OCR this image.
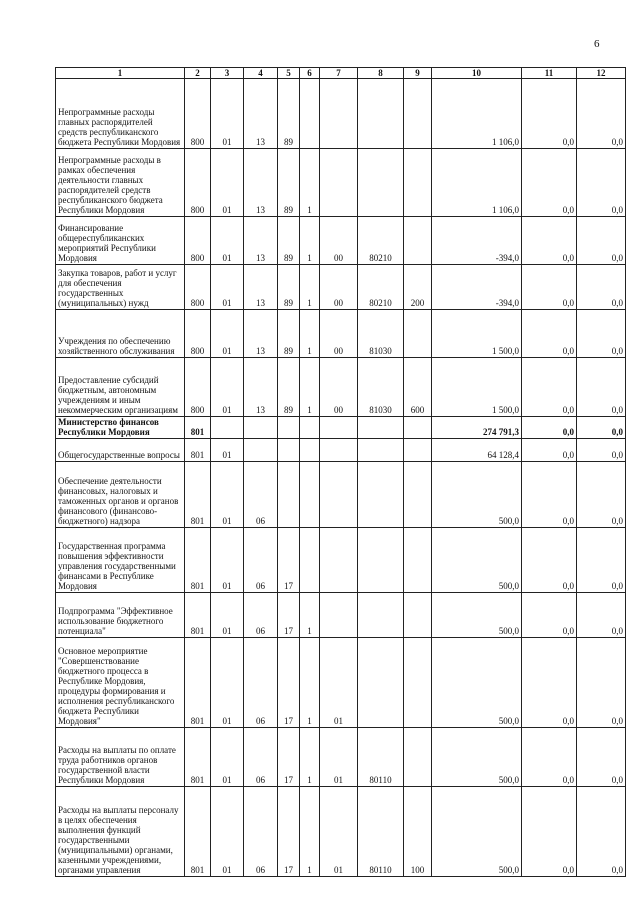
6
1	2	3	4	5	6	7	8	9	10	11	12
Непрограммные расходы главных распорядителей средств республиканского бюджета Республики Мордовия	800	01	13	89					1 106,0	0,0	0,0
Непрограммные расходы в рамках обеспечения деятельности главных распорядителей средств республиканского бюджета Республики Мордовия	800	01	13	89	1				1 106,0	0,0	0,0
Финансирование общереспубликанских мероприятий Республики Мордовия	800	01	13	89	1	00	80210		-394,0	0,0	0,0
Закупка товаров, работ и услуг для обеспечения государственных (муниципальных) нужд	800	01	13	89	1	00	80210	200	-394,0	0,0	0,0
Учреждения по обеспечению хозяйственного обслуживания	800	01	13	89	1	00	81030		1 500,0	0,0	0,0
Предоставление субсидий бюджетным, автономным учреждениям и иным некоммерческим организациям	800	01	13	89	1	00	81030	600	1 500,0	0,0	0,0
Министерство финансов Республики Мордовия	801								274 791,3	0,0	0,0
Общегосударственные вопросы	801	01							64 128,4	0,0	0,0
Обеспечение деятельности финансовых, налоговых и таможенных органов и органов финансового (финансово-бюджетного) надзора	801	01	06						500,0	0,0	0,0
Государственная программа повышения эффективности управления государственными финансами в Республике Мордовия	801	01	06	17					500,0	0,0	0,0
Подпрограмма "Эффективное использование бюджетного потенциала"	801	01	06	17	1				500,0	0,0	0,0
Основное мероприятие "Совершенствование бюджетного процесса в Республике Мордовия, процедуры формирования и исполнения республиканского бюджета Республики Мордовия"	801	01	06	17	1	01			500,0	0,0	0,0
Расходы на выплаты по оплате труда работников органов государственной власти Республики Мордовия	801	01	06	17	1	01	80110		500,0	0,0	0,0
Расходы на выплаты персоналу в целях обеспечения выполнения функций государственными (муниципальными) органами, казенными учреждениями, органами управления	801	01	06	17	1	01	80110	100	500,0	0,0	0,0
